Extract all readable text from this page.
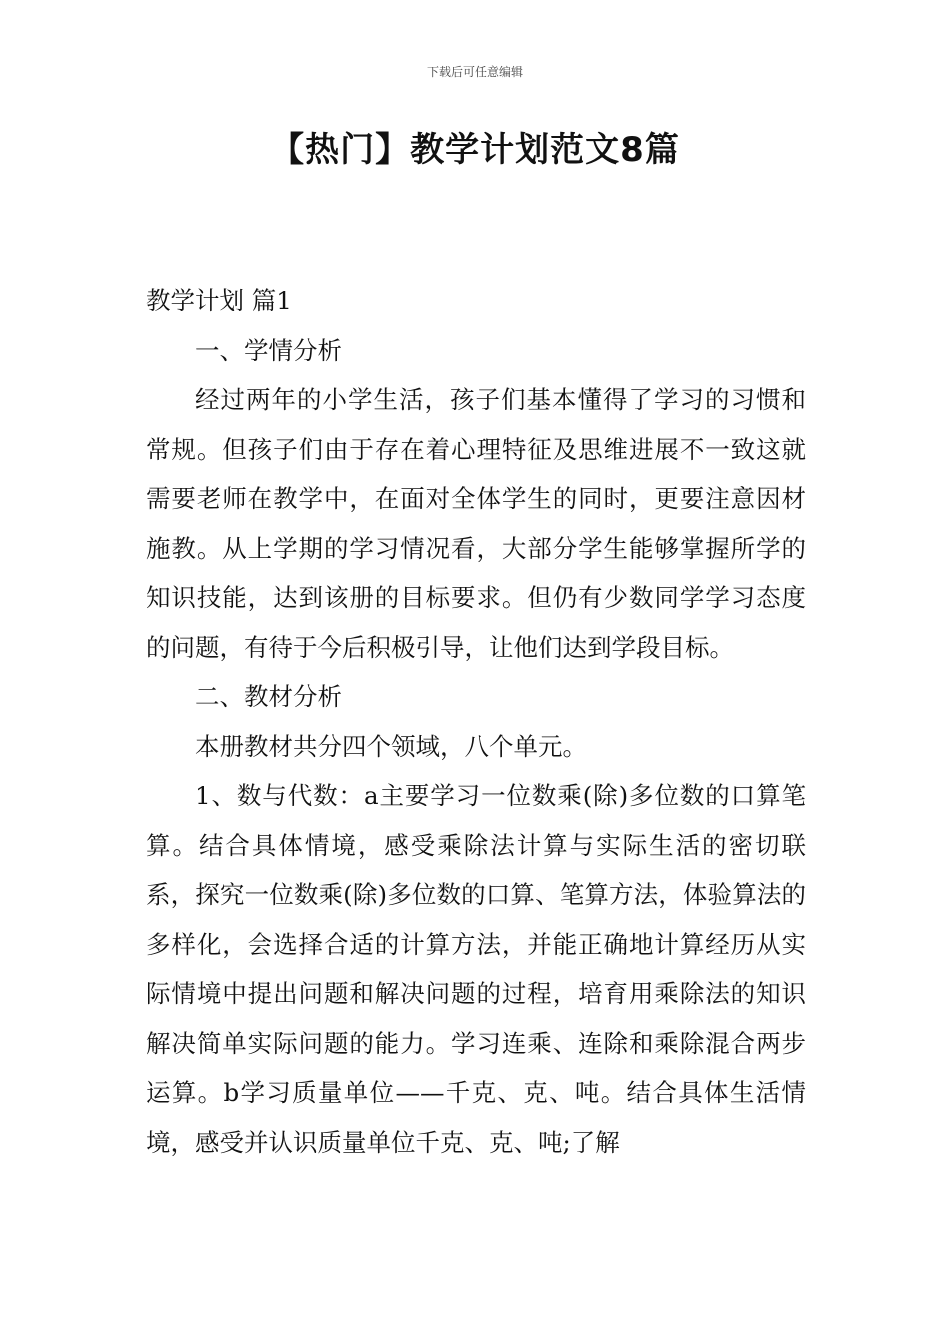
下载后可任意编辑
【热门】教学计划范文8篇

教学计划 篇1

一、学情分析

经过两年的小学生活，孩子们基本懂得了学习的习惯和常规。但孩子们由于存在着心理特征及思维进展不一致这就需要老师在教学中，在面对全体学生的同时，更要注意因材施教。从上学期的学习情况看，大部分学生能够掌握所学的知识技能，达到该册的目标要求。但仍有少数同学学习态度的问题，有待于今后积极引导，让他们达到学段目标。

二、教材分析

本册教材共分四个领域，八个单元。

1、数与代数：a主要学习一位数乘(除)多位数的口算笔算。结合具体情境，感受乘除法计算与实际生活的密切联系，探究一位数乘(除)多位数的口算、笔算方法，体验算法的多样化，会选择合适的计算方法，并能正确地计算经历从实际情境中提出问题和解决问题的过程，培育用乘除法的知识解决简单实际问题的能力。学习连乘、连除和乘除混合两步运算。b学习质量单位——千克、克、吨。结合具体生活情境，感受并认识质量单位千克、克、吨;了解
